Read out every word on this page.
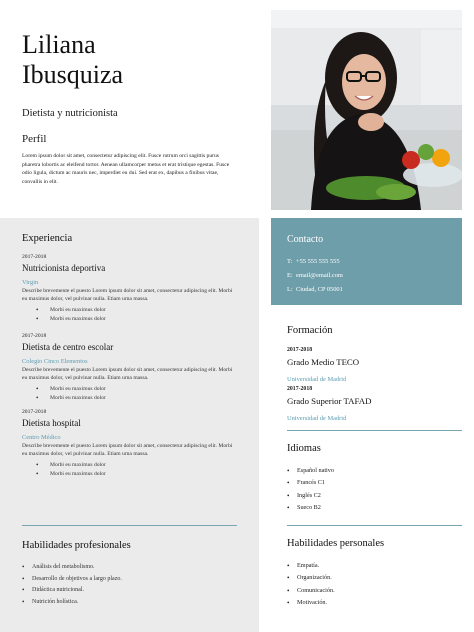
Liliana
Ibusquiza
Dietista y nutricionista
Perfil
Lorem ipsum dolor sit amet, consectetur adipiscing elit. Fusce rutrum orci sagittis purus pharetra lobortis ac eleifend tortor. Aenean ullamcorper metus et erat tristique egestas. Fusce odio ligula, dictum ac mauris nec, imperdiet eu dui. Sed erat ex, dapibus a finibus vitae, convallis in elit.
Experiencia
2017-2018
Nutricionista deportiva
Virgin
Describe brevemente el puesto Lorem ipsum dolor sit amet, consectetur adipiscing elit. Morbi eu maximus dolor, vel pulvinar nulla. Etiam urna massa.
• Morbi eu maximus dolor
• Morbi eu maximus dolor
2017-2018
Dietista de centro escolar
Colegio Cinco Elementos
Describe brevemente el puesto Lorem ipsum dolor sit amet, consectetur adipiscing elit. Morbi eu maximus dolor, vel pulvinar nulla. Etiam urna massa.
• Morbi eu maximus dolor
• Morbi eu maximus dolor
2017-2018
Dietista hospital
Centro Médico
Describe brevemente el puesto Lorem ipsum dolor sit amet, consectetur adipiscing elit. Morbi eu maximus dolor, vel pulvinar nulla. Etiam urna massa.
• Morbi eu maximus dolor
• Morbi eu maximus dolor
Habilidades profesionales
• Análisis del metabolismo.
• Desarrollo de objetivos a largo plazo.
• Didáctica nutricional.
• Nutrición holística.
Contacto
T: +55 555 555 555
E: email@email.com
L: Ciudad, CP 05001
Formación
2017-2018
Grado Medio TECO
Universidad de Madrid
2017-2018
Grado Superior TAFAD
Universidad de Madrid
Idiomas
• Español nativo
• Francés C1
• Inglés C2
• Sueco B2
Habilidades personales
• Empatía.
• Organización.
• Comunicación.
• Motivación.
